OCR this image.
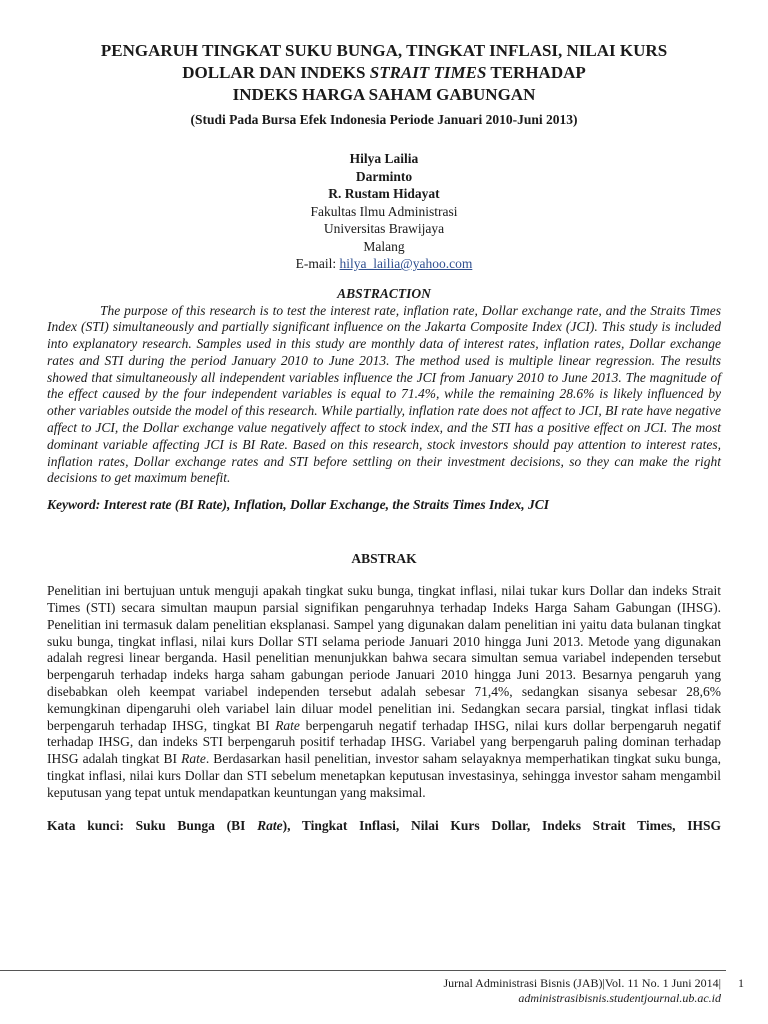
PENGARUH TINGKAT SUKU BUNGA, TINGKAT INFLASI, NILAI KURS
DOLLAR DAN INDEKS STRAIT TIMES TERHADAP
INDEKS HARGA SAHAM GABUNGAN
(Studi Pada Bursa Efek Indonesia Periode Januari 2010-Juni 2013)
Hilya Lailia
Darminto
R. Rustam Hidayat
Fakultas Ilmu Administrasi
Universitas Brawijaya
Malang
E-mail: hilya_lailia@yahoo.com
ABSTRACTION

The purpose of this research is to test the interest rate, inflation rate, Dollar exchange rate, and the Straits Times Index (STI) simultaneously and partially significant influence on the Jakarta Composite Index (JCI). This study is included into explanatory research. Samples used in this study are monthly data of interest rates, inflation rates, Dollar exchange rates and STI during the period January 2010 to June 2013. The method used is multiple linear regression. The results showed that simultaneously all independent variables influence the JCI from January 2010 to June 2013. The magnitude of the effect caused by the four independent variables is equal to 71.4%, while the remaining 28.6% is likely influenced by other variables outside the model of this research. While partially, inflation rate does not affect to JCI, BI rate have negative affect to JCI, the Dollar exchange value negatively affect to stock index, and the STI has a positive effect on JCI. The most dominant variable affecting JCI is BI Rate. Based on this research, stock investors should pay attention to interest rates, inflation rates, Dollar exchange rates and STI before settling on their investment decisions, so they can make the right decisions to get maximum benefit.

Keyword: Interest rate (BI Rate), Inflation, Dollar Exchange, the Straits Times Index, JCI
ABSTRAK

Penelitian ini bertujuan untuk menguji apakah tingkat suku bunga, tingkat inflasi, nilai tukar kurs Dollar dan indeks Strait Times (STI) secara simultan maupun parsial signifikan pengaruhnya terhadap Indeks Harga Saham Gabungan (IHSG). Penelitian ini termasuk dalam penelitian eksplanasi. Sampel yang digunakan dalam penelitian ini yaitu data bulanan tingkat suku bunga, tingkat inflasi, nilai kurs Dollar STI selama periode Januari 2010 hingga Juni 2013. Metode yang digunakan adalah regresi linear berganda. Hasil penelitian menunjukkan bahwa secara simultan semua variabel independen tersebut berpengaruh terhadap indeks harga saham gabungan periode Januari 2010 hingga Juni 2013. Besarnya pengaruh yang disebabkan oleh keempat variabel independen tersebut adalah sebesar 71,4%, sedangkan sisanya sebesar 28,6% kemungkinan dipengaruhi oleh variabel lain diluar model penelitian ini. Sedangkan secara parsial, tingkat inflasi tidak berpengaruh terhadap IHSG, tingkat BI Rate berpengaruh negatif terhadap IHSG, nilai kurs dollar berpengaruh negatif terhadap IHSG, dan indeks STI berpengaruh positif terhadap IHSG. Variabel yang berpengaruh paling dominan terhadap IHSG adalah tingkat BI Rate. Berdasarkan hasil penelitian, investor saham selayaknya memperhatikan tingkat suku bunga, tingkat inflasi, nilai kurs Dollar dan STI sebelum menetapkan keputusan investasinya, sehingga investor saham mengambil keputusan yang tepat untuk mendapatkan keuntungan yang maksimal.

Kata kunci: Suku Bunga (BI Rate), Tingkat Inflasi, Nilai Kurs Dollar, Indeks Strait Times, IHSG
Jurnal Administrasi Bisnis (JAB)|Vol. 11 No. 1 Juni 2014| 1
administrasibisnis.studentjournal.ub.ac.id
